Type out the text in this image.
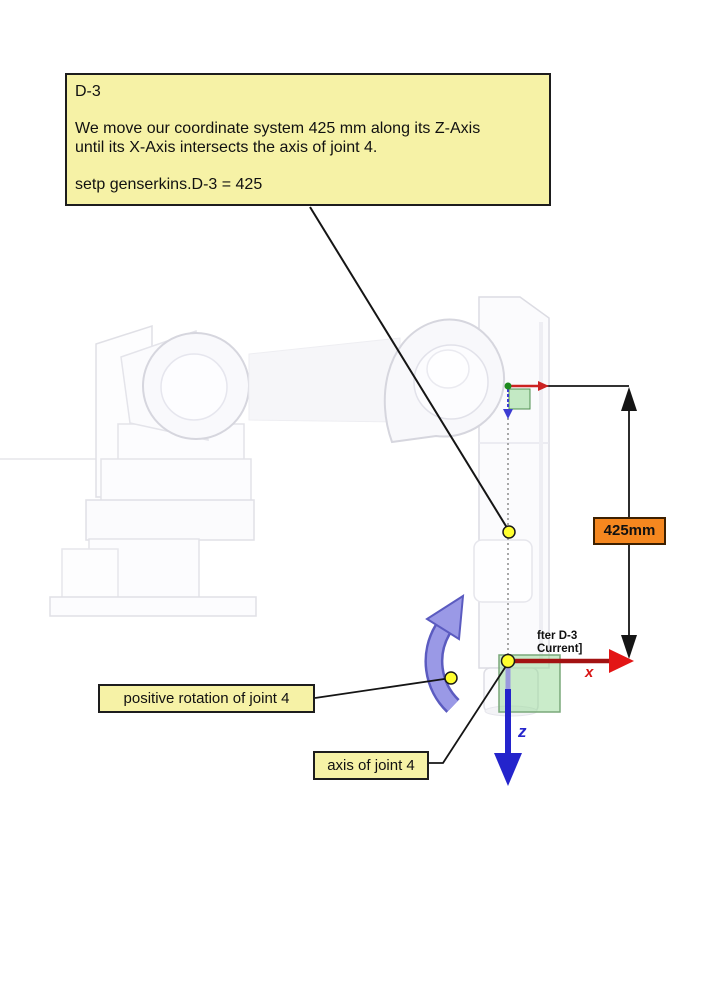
D-3
We move our coordinate system 425 mm along its Z-Axis
until its X-Axis intersects the axis of joint 4.
setp genserkins.D-3 = 425
positive rotation of joint 4
axis of joint 4
425mm
fter D-3
Current]
x
z
